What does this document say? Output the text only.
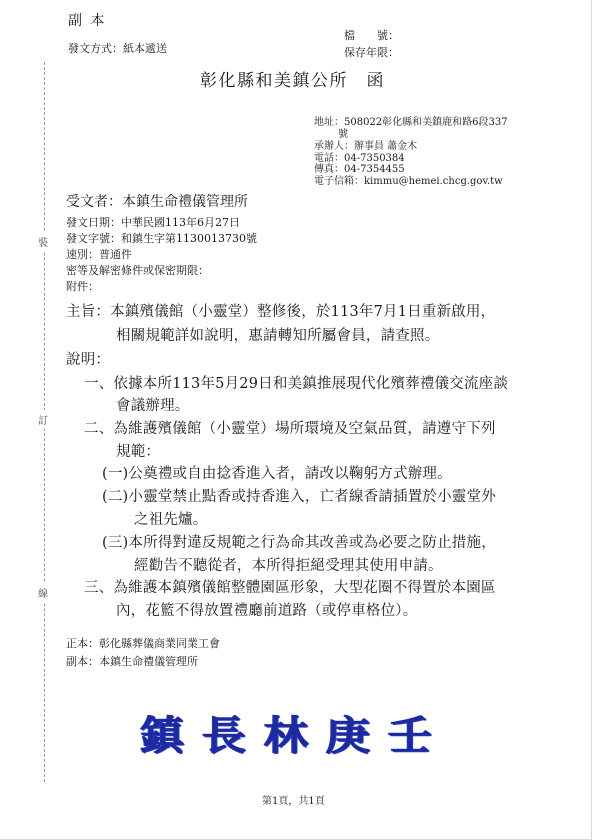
裝
訂
線
副 本
發文方式：紙本遞送
檔　　號：
保存年限：
彰化縣和美鎮公所　函
地址：508022彰化縣和美鎮鹿和路6段337
號
承辦人：辦事員 蕭金木
電話：04-7350384
傳真：04-7354455
電子信箱：kimmu@hemei.chcg.gov.tw
受文者：本鎮生命禮儀管理所
發文日期：中華民國113年6月27日
發文字號：和鎮生字第1130013730號
速別：普通件
密等及解密條件或保密期限：
附件：
主旨：本鎮殯儀館（小靈堂）整修後，於113年7月1日重新啟用，
相關規範詳如說明，惠請轉知所屬會員，請查照。
說明：
一、依據本所113年5月29日和美鎮推展現代化殯葬禮儀交流座談
會議辦理。
二、為維護殯儀館（小靈堂）場所環境及空氣品質，請遵守下列
規範：
(一)公奠禮或自由捻香進入者，請改以鞠躬方式辦理。
(二)小靈堂禁止點香或持香進入，亡者線香請插置於小靈堂外
之祖先爐。
(三)本所得對違反規範之行為命其改善或為必要之防止措施，
經勸告不聽從者，本所得拒絕受理其使用申請。
三、為維護本鎮殯儀館整體園區形象，大型花圈不得置於本園區
內，花籃不得放置禮廳前道路（或停車格位）。
正本：彰化縣葬儀商業同業工會
副本：本鎮生命禮儀管理所
鎮長林庚壬
第1頁，共1頁
